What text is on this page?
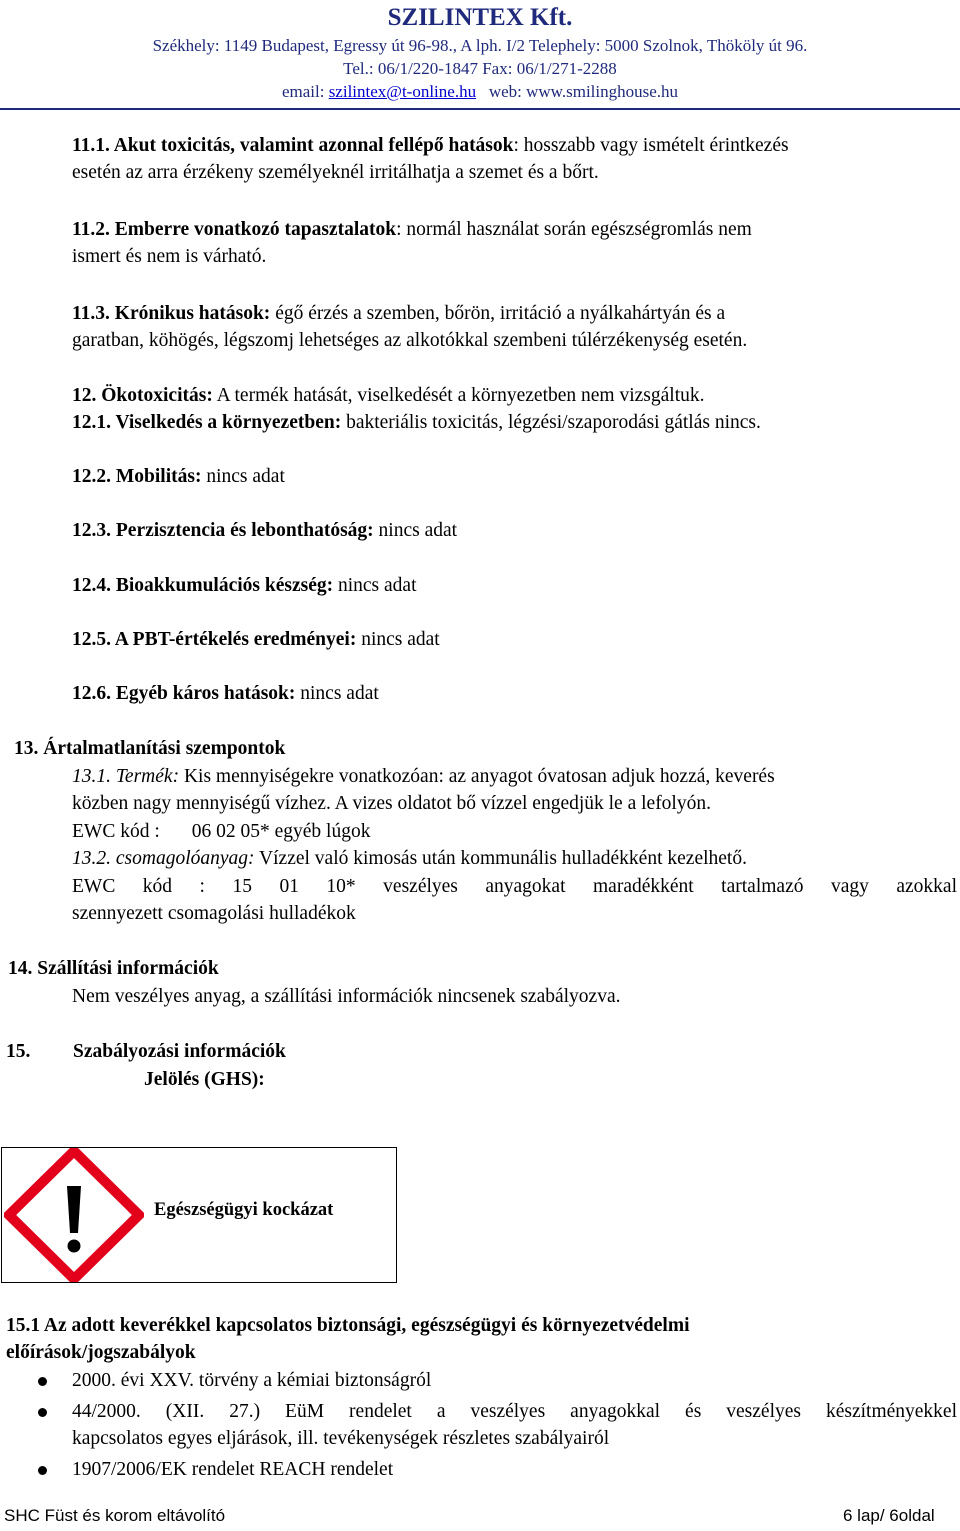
SZILINTEX Kft.
Székhely: 1149 Budapest, Egressy út 96-98., A lph. I/2 Telephely: 5000 Szolnok, Thököly út 96.
Tel.: 06/1/220-1847 Fax: 06/1/271-2288
email: szilintex@t-online.hu web: www.smilinghouse.hu
11.1. Akut toxicitás, valamint azonnal fellépő hatások: hosszabb vagy ismételt érintkezés
esetén az arra érzékeny személyeknél irritálhatja a szemet és a bőrt.
11.2. Emberre vonatkozó tapasztalatok: normál használat során egészségromlás nem
ismert és nem is várható.
11.3. Krónikus hatások: égő érzés a szemben, bőrön, irritáció a nyálkahártyán és a
garatban, köhögés, légszomj lehetséges az alkotókkal szembeni túlérzékenység esetén.
12. Ökotoxicitás: A termék hatását, viselkedését a környezetben nem vizsgáltuk.
12.1. Viselkedés a környezetben: bakteriális toxicitás, légzési/szaporodási gátlás nincs.
12.2. Mobilitás: nincs adat
12.3. Perzisztencia és lebonthatóság: nincs adat
12.4. Bioakkumulációs készség: nincs adat
12.5. A PBT-értékelés eredményei: nincs adat
12.6. Egyéb káros hatások: nincs adat
13. Ártalmatlanítási szempontok
13.1. Termék: Kis mennyiségekre vonatkozóan: az anyagot óvatosan adjuk hozzá, keverés
közben nagy mennyiségű vízhez. A vizes oldatot bő vízzel engedjük le a lefolyón.
EWC kód : 06 02 05* egyéb lúgok
13.2. csomagolóanyag: Vízzel való kimosás után kommunális hulladékként kezelhető.
EWC kód : 15 01 10* veszélyes anyagokat maradékként tartalmazó vagy azokkal
szennyezett csomagolási hulladékok
14. Szállítási információk
Nem veszélyes anyag, a szállítási információk nincsenek szabályozva.
15. Szabályozási információk
Jelölés (GHS):
Egészségügyi kockázat
15.1 Az adott keverékkel kapcsolatos biztonsági, egészségügyi és környezetvédelmi
előírások/jogszabályok
2000. évi XXV. törvény a kémiai biztonságról
44/2000. (XII. 27.) EüM rendelet a veszélyes anyagokkal és veszélyes készítményekkel
kapcsolatos egyes eljárások, ill. tevékenységek részletes szabályairól
1907/2006/EK rendelet REACH rendelet
SHC Füst és korom eltávolító	6 lap/ 6oldal
